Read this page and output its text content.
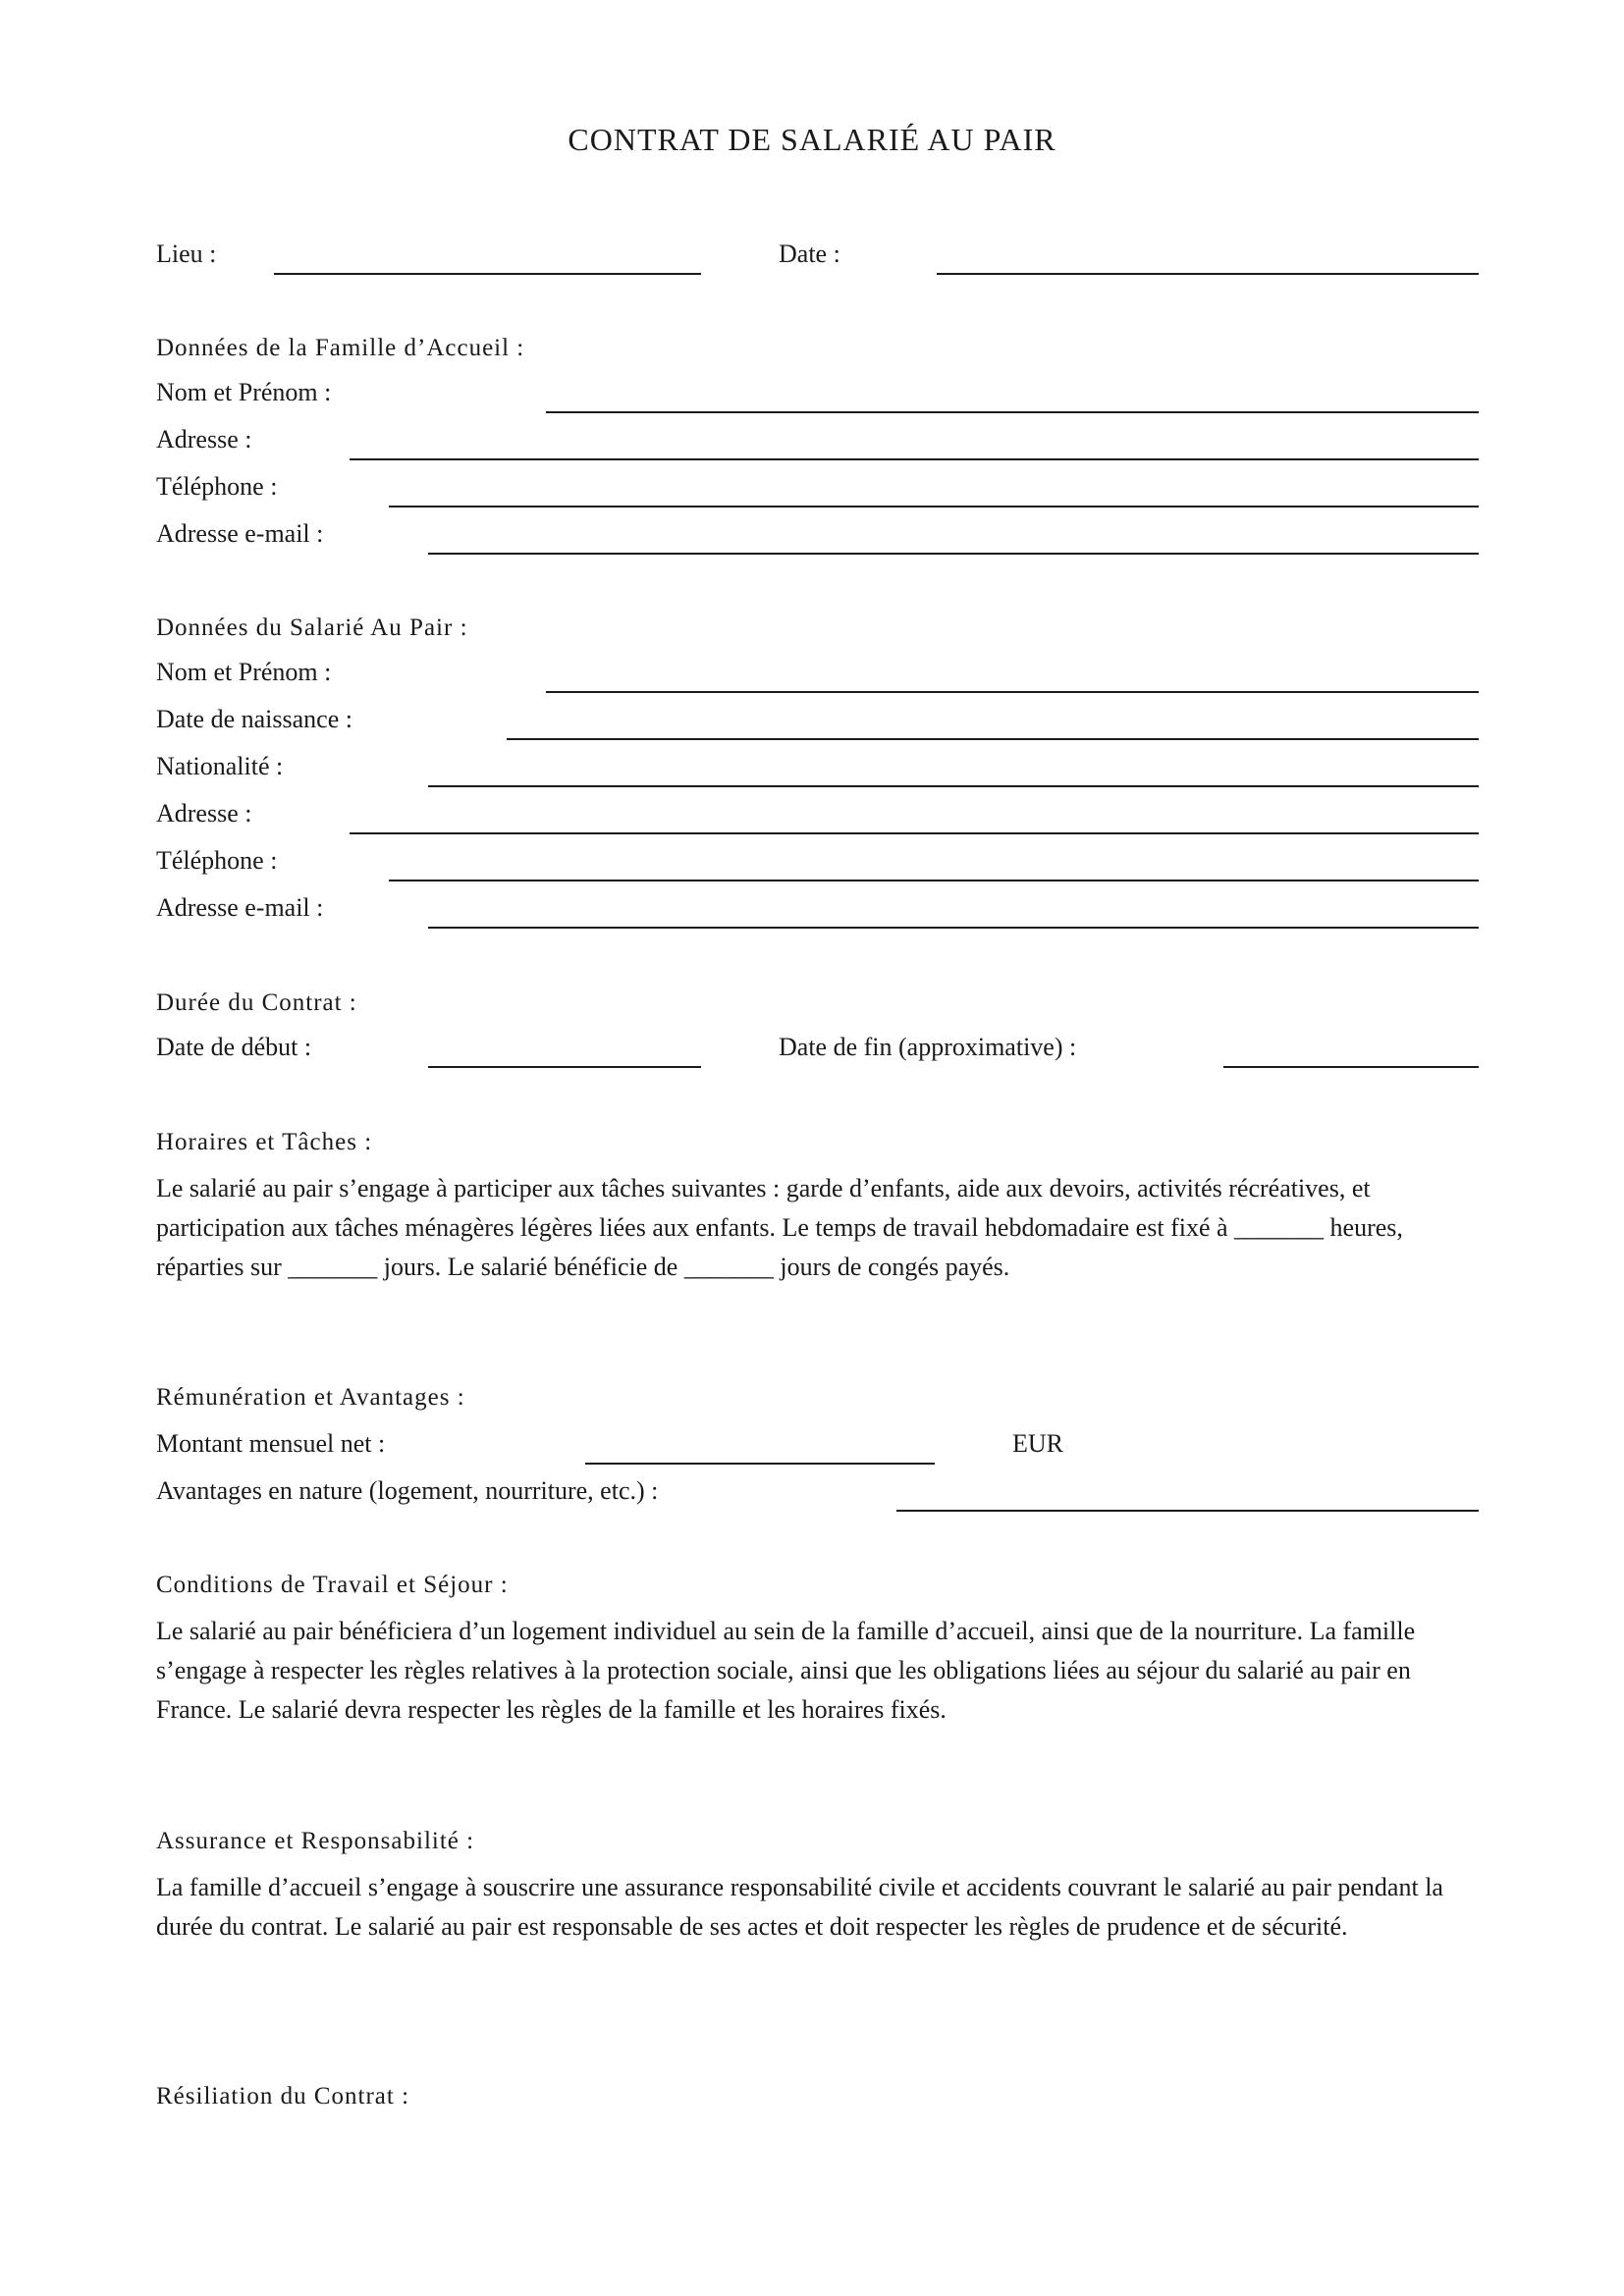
CONTRAT DE SALARIÉ AU PAIR
Lieu :	Date :
Données de la Famille d’Accueil :
Nom et Prénom :
Adresse :
Téléphone :
Adresse e-mail :
Données du Salarié Au Pair :
Nom et Prénom :
Date de naissance :
Nationalité :
Adresse :
Téléphone :
Adresse e-mail :
Durée du Contrat :
Date de début :	Date de fin (approximative) :
Horaires et Tâches :

Le salarié au pair s’engage à participer aux tâches suivantes : garde d’enfants, aide aux devoirs, activités récréatives, et participation aux tâches ménagères légères liées aux enfants. Le temps de travail hebdomadaire est fixé à _______ heures, réparties sur _______ jours. Le salarié bénéficie de _______ jours de congés payés.

Rémunération et Avantages :
Montant mensuel net :	EUR
Avantages en nature (logement, nourriture, etc.) :
Conditions de Travail et Séjour :

Le salarié au pair bénéficiera d’un logement individuel au sein de la famille d’accueil, ainsi que de la nourriture. La famille s’engage à respecter les règles relatives à la protection sociale, ainsi que les obligations liées au séjour du salarié au pair en France. Le salarié devra respecter les règles de la famille et les horaires fixés.

Assurance et Responsabilité :

La famille d’accueil s’engage à souscrire une assurance responsabilité civile et accidents couvrant le salarié au pair pendant la durée du contrat. Le salarié au pair est responsable de ses actes et doit respecter les règles de prudence et de sécurité.

Résiliation du Contrat :
